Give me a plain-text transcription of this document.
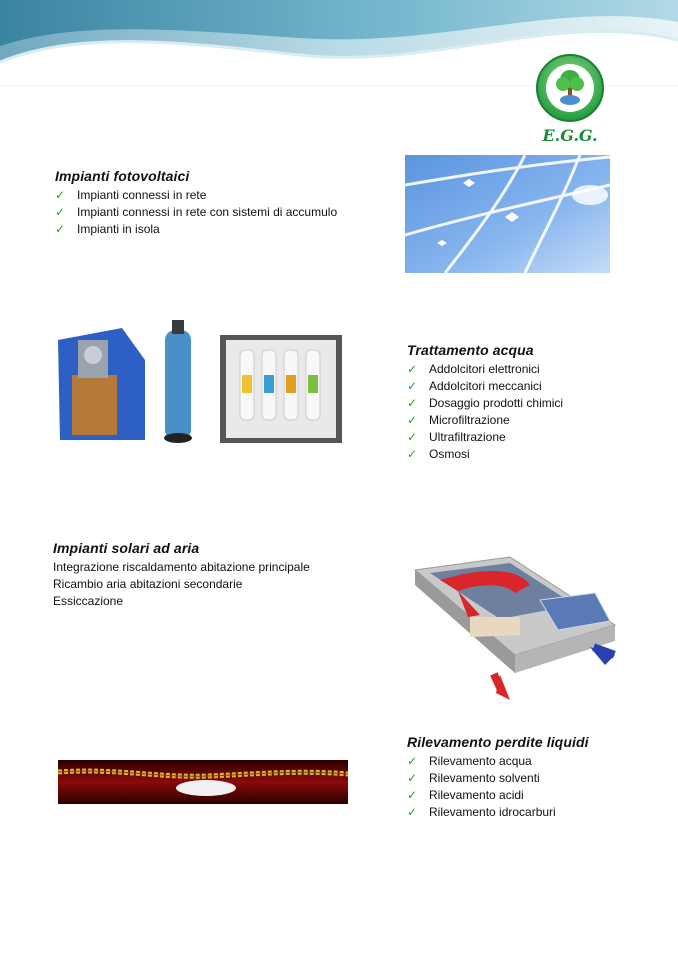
E.G.G.
Impianti fotovoltaici
✓ Impianti connessi in rete
✓ Impianti connessi in rete con sistemi di accumulo
✓ Impianti in isola
Trattamento acqua
✓ Addolcitori elettronici
✓ Addolcitori meccanici
✓ Dosaggio prodotti chimici
✓ Microfiltrazione
✓ Ultrafiltrazione
✓ Osmosi
Impianti solari ad aria
Integrazione riscaldamento abitazione principale
Ricambio aria abitazioni secondarie
Essiccazione
Rilevamento perdite liquidi
✓ Rilevamento acqua
✓ Rilevamento solventi
✓ Rilevamento acidi
✓ Rilevamento idrocarburi
